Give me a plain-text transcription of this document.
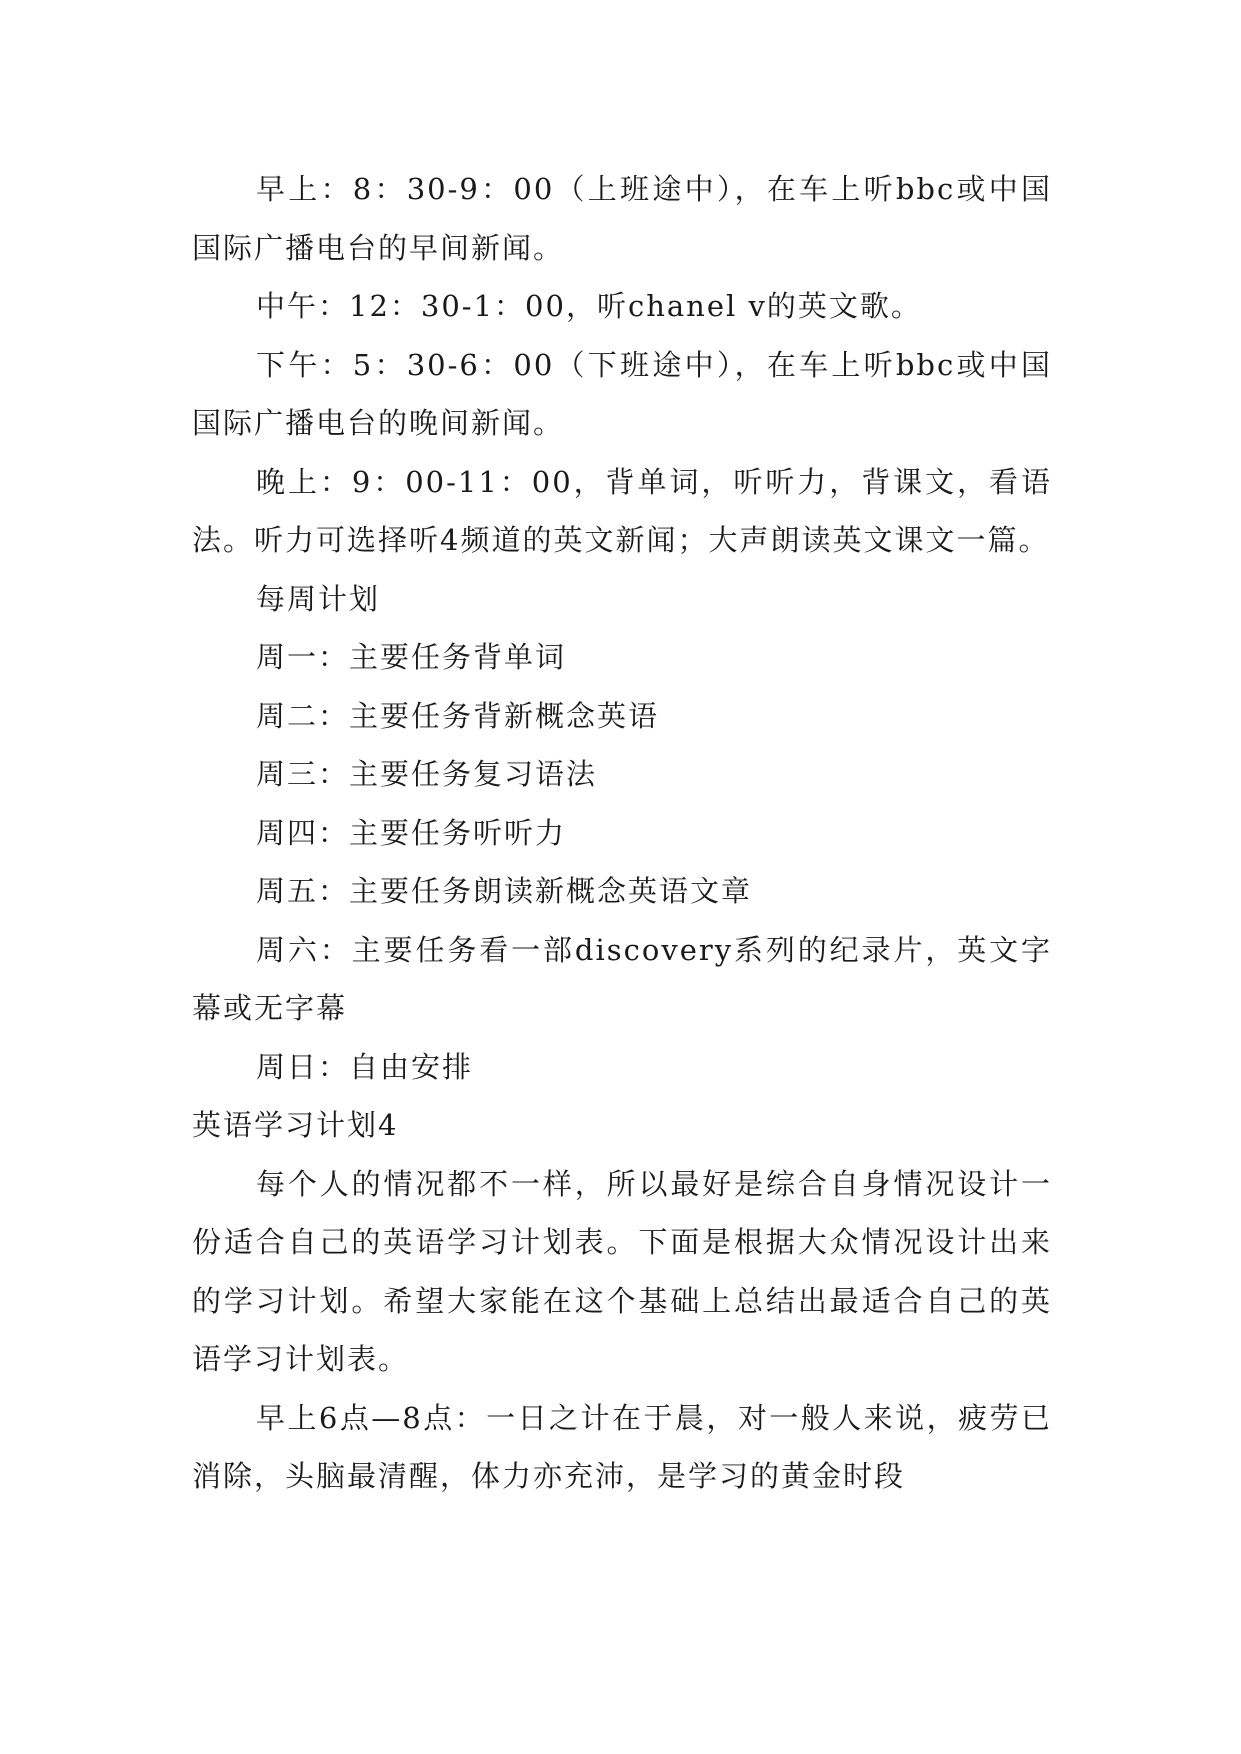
早上：8：30-9：00（上班途中），在车上听bbc或中国国际广播电台的早间新闻。

中午：12：30-1：00，听chanel v的英文歌。

下午：5：30-6：00（下班途中），在车上听bbc或中国国际广播电台的晚间新闻。

晚上：9：00-11：00，背单词，听听力，背课文，看语法。听力可选择听4频道的英文新闻；大声朗读英文课文一篇。

每周计划

周一：主要任务背单词

周二：主要任务背新概念英语

周三：主要任务复习语法

周四：主要任务听听力

周五：主要任务朗读新概念英语文章

周六：主要任务看一部discovery系列的纪录片，英文字幕或无字幕

周日：自由安排

英语学习计划4

每个人的情况都不一样，所以最好是综合自身情况设计一份适合自己的英语学习计划表。下面是根据大众情况设计出来的学习计划。希望大家能在这个基础上总结出最适合自己的英语学习计划表。

早上6点—8点：一日之计在于晨，对一般人来说，疲劳已消除，头脑最清醒，体力亦充沛，是学习的黄金时段
